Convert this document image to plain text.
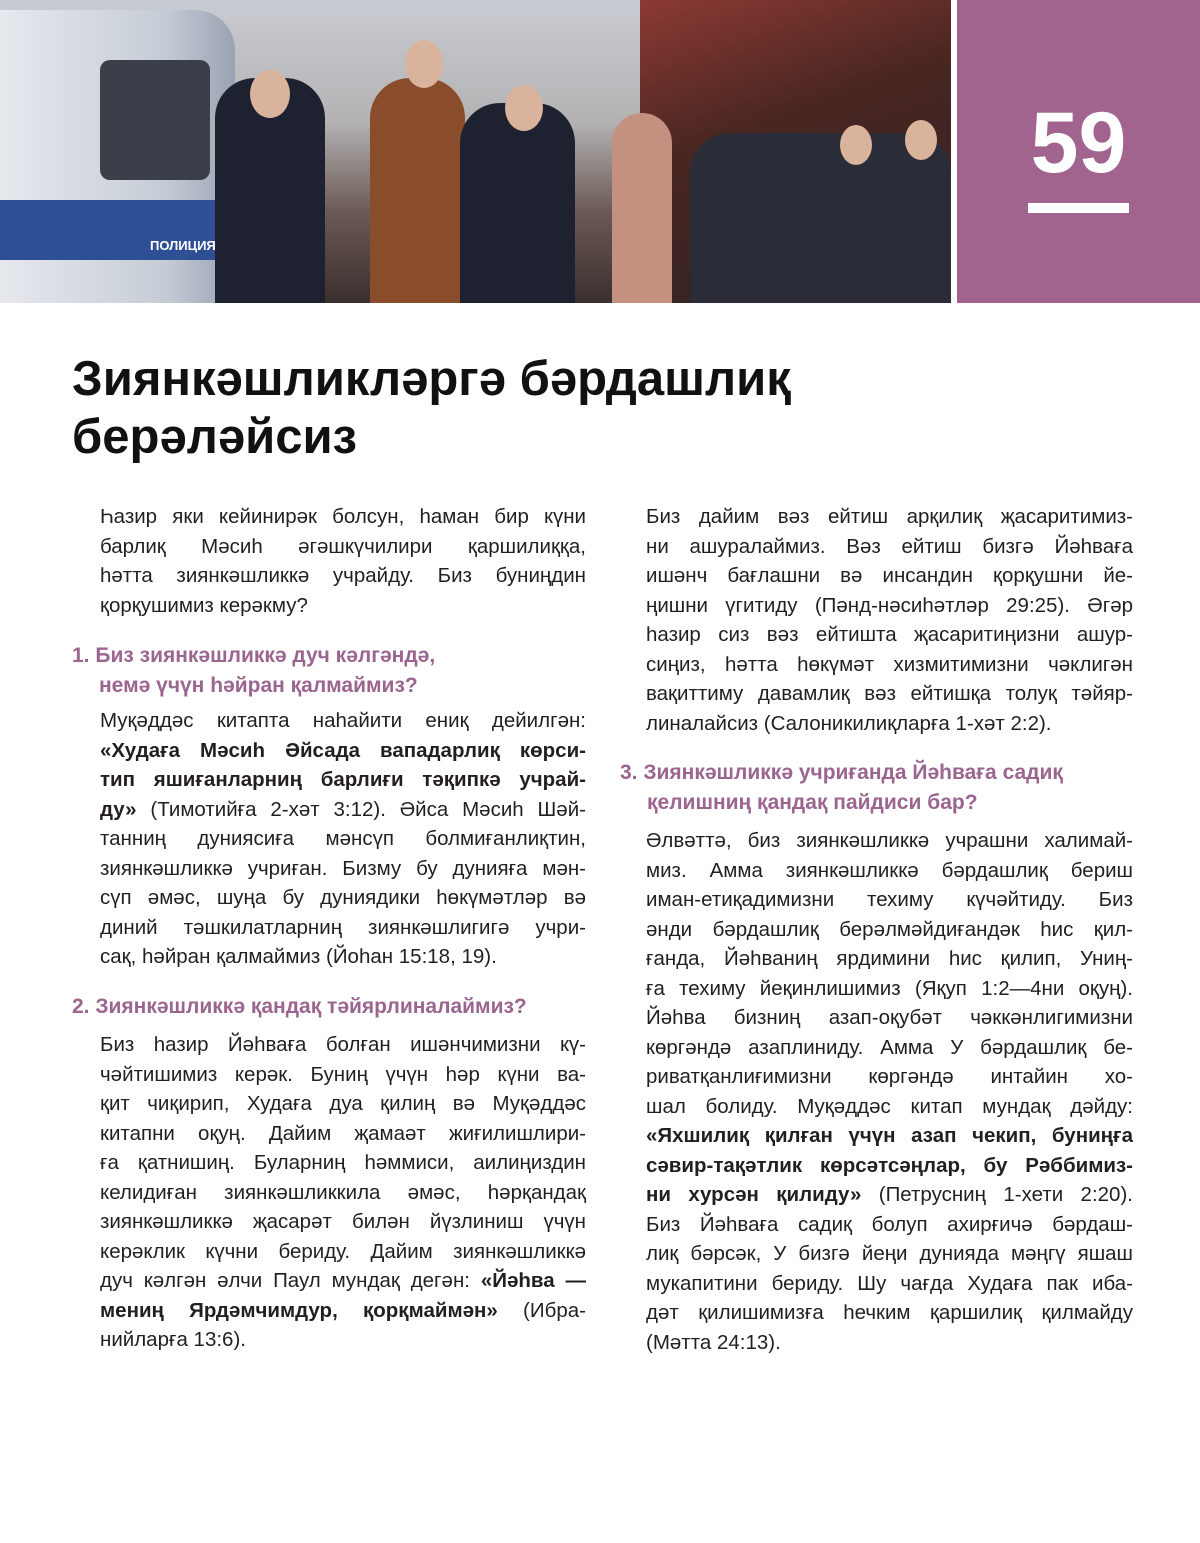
ПОЛИЦИЯ
59
Зиянкәшликләргә бәрдашлиқ
берәләйсиз
Һазир яки кейинирәк болсун, һаман бир күни
барлиқ Мәсиһ әгәшкүчилири қаршилиққа,
һәтта зиянкәшликкә учрайду. Биз буниңдин
қорқушимиз керәкму?
1. Биз зиянкәшликкә дуч кәлгәндә,
немә үчүн һәйран қалмаймиз?
Муқәддәс китапта наһайити ениқ дейилгән:
«Худаға Мәсиһ Әйсада вападарлиқ көрси-
тип яшиғанларниң барлиғи тәқипкә учрай-
ду» (Тимотийға 2-хәт 3:12). Әйса Мәсиһ Шәй-
танниң дуниясиға мәнсүп болмиғанлиқтин,
зиянкәшликкә учриған. Бизму бу дунияға мән-
сүп әмәс, шуңа бу дуниядики һөкүмәтләр вә
диний тәшкилатларниң зиянкәшлигигә учри-
сақ, һәйран қалмаймиз (Йоһан 15:18, 19).
2. Зиянкәшликкә қандақ тәйярлиналаймиз?
Биз һазир Йәһваға болған ишәнчимизни кү-
чәйтишимиз керәк. Буниң үчүн һәр күни ва-
қит чиқирип, Худаға дуа қилиң вә Муқәддәс
китапни оқуң. Дайим җамаәт жиғилишлири-
ға қатнишиң. Буларниң һәммиси, аилиңиздин
келидиған зиянкәшликкила әмәс, һәрқандақ
зиянкәшликкә җасарәт билән йүзлиниш үчүн
керәклик күчни бериду. Дайим зиянкәшликкә
дуч кәлгән әлчи Паул мундақ дегән: «Йәһва —
мениң Ярдәмчимдур, қорқмаймән» (Ибра-
нийларға 13:6).
Биз дайим вәз ейтиш арқилиқ җасаритимиз-
ни ашуралаймиз. Вәз ейтиш бизгә Йәһваға
ишәнч бағлашни вә инсандин қорқушни йе-
ңишни үгитиду (Пәнд-нәсиһәтләр 29:25). Әгәр
һазир сиз вәз ейтишта җасаритиңизни ашур-
сиңиз, һәтта һөкүмәт хизмитимизни чәклигән
вақиттиму давамлиқ вәз ейтишқа толуқ тәйяр-
линалайсиз (Салоникилиқларға 1-хәт 2:2).
3. Зиянкәшликкә учриғанда Йәһваға садиқ
қелишниң қандақ пайдиси бар?
Әлвәттә, биз зиянкәшликкә учрашни халимай-
миз. Амма зиянкәшликкә бәрдашлиқ бериш
иман-етиқадимизни техиму күчәйтиду. Биз
әнди бәрдашлиқ берәлмәйдиғандәк һис қил-
ғанда, Йәһваниң ярдимини һис қилип, Униң-
ға техиму йеқинлишимиз (Яқуп 1:2—4ни оқуң).
Йәһва бизниң азап-оқубәт чәккәнлигимизни
көргәндә азаплиниду. Амма У бәрдашлиқ бе-
риватқанлиғимизни көргәндә интайин хо-
шал болиду. Муқәддәс китап мундақ дәйду:
«Яхшилиқ қилған үчүн азап чекип, буниңға
сәвир-тақәтлик көрсәтсәңлар, бу Рәббимиз-
ни хурсән қилиду» (Петрусниң 1-хети 2:20).
Биз Йәһваға садиқ болуп ахирғичә бәрдаш-
лиқ бәрсәк, У бизгә йеңи дунияда мәңгү яшаш
мукапитини бериду. Шу чағда Худаға пак иба-
дәт қилишимизға һечким қаршилиқ қилмайду
(Мәтта 24:13).
